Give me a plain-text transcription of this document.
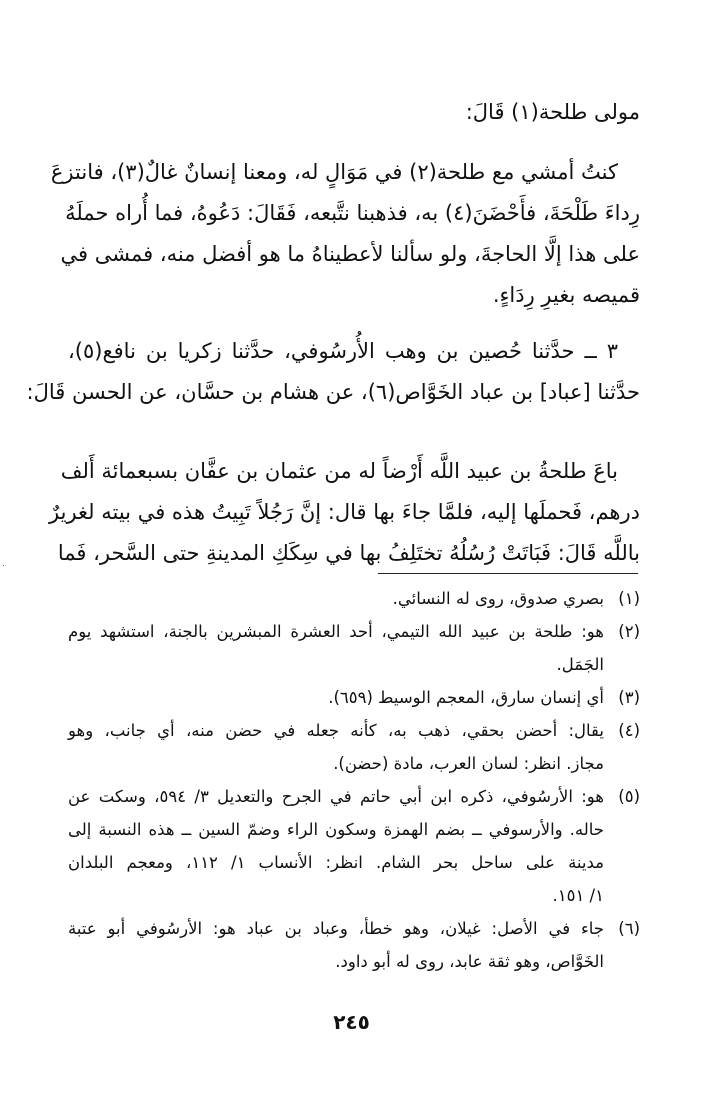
مولى طلحة(١) قَالَ:
كنتُ أمشي مع طلحة(٢) في مَوَالٍ له، ومعنا إنسانٌ غالٌ(٣)، فانتزعَ
رِداءَ طَلْحَةَ، فأَحْضَنَ(٤) به، فذهبنا نتَّبعه، فَقَالَ: دَعُوهُ، فما أُراه حملَهُ
على هذا إلَّا الحاجةَ، ولو سألنا لأعطيناهُ ما هو أفضل منه، فمشى في
قميصه بغيرِ رِدَاءٍ.
٣ ــ حدَّثنا حُصين بن وهب الأُرسُوفي، حدَّثنا زكريا بن نافع(٥)،
حدَّثنا [عباد] بن عباد الخَوَّاص(٦)، عن هشام بن حسَّان، عن الحسن قَالَ:
باعَ طلحةُ بن عبيد اللَّه أَرْضاً له من عثمان بن عفَّان بسبعمائة أَلف
درهم، فَحملَها إليه، فلمَّا جاءَ بها قال: إنَّ رَجُلاً تَبِيتُ هذه في بيته لغريرٌ
باللَّه قَالَ: فَبَاتَتْ رُسُلُهُ تختَلِفُ بها في سِكَكِ المدينةِ حتى السَّحر، فَما
(١)
بصري صدوق، روى له النسائي.
(٢)
هو: طلحة بن عبيد الله التيمي، أحد العشرة المبشرين بالجنة، استشهد يوم
الجَمَل.
(٣)
أي إنسان سارق، المعجم الوسيط (٦٥٩).
(٤)
يقال: أحضن بحقي، ذهب به، كأنه جعله في حضن منه، أي جانب، وهو
مجاز. انظر: لسان العرب، مادة (حضن).
(٥)
هو: الأرسُوفي، ذكره ابن أبي حاتم في الجرح والتعديل ٣/ ٥٩٤، وسكت عن
حاله. والأرسوفي ــ بضم الهمزة وسكون الراء وضمّ السين ــ هذه النسبة إلى
مدينة على ساحل بحر الشام. انظر: الأنساب ١/ ١١٢، ومعجم البلدان
١/ ١٥١.
(٦)
جاء في الأصل: غيلان، وهو خطأ، وعباد بن عباد هو: الأرسُوفي أبو عتبة
الخَوَّاص، وهو ثقة عابد، روى له أبو داود.
٢٤٥
